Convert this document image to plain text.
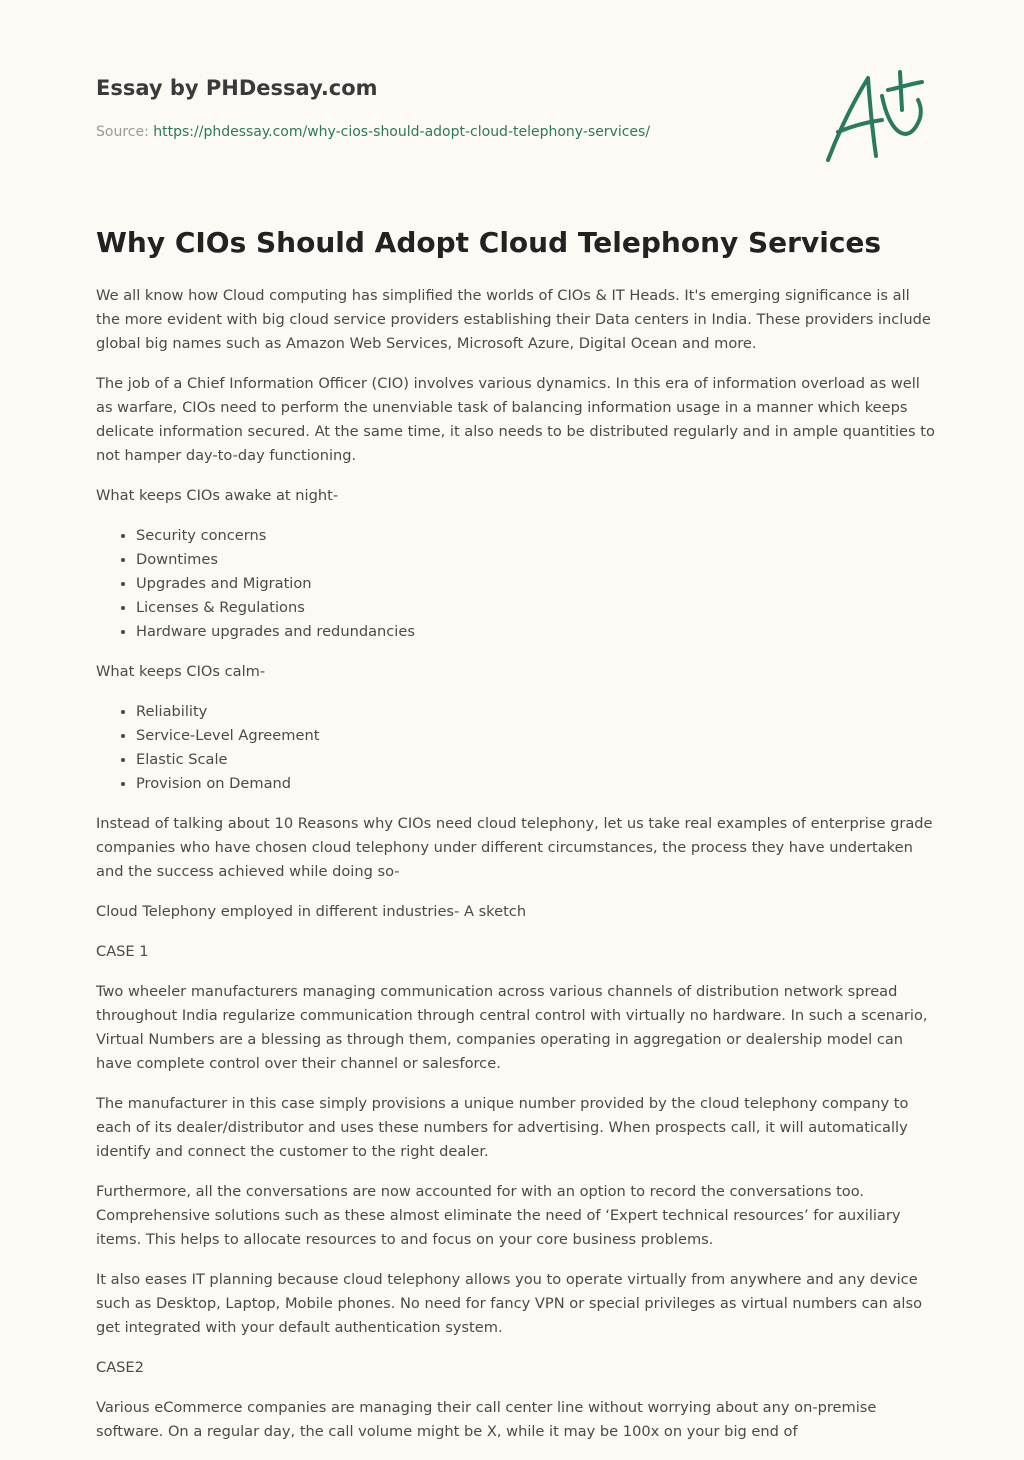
Essay by PHDessay.com
Source: https://phdessay.com/why-cios-should-adopt-cloud-telephony-services/
Why CIOs Should Adopt Cloud Telephony Services

We all know how Cloud computing has simplified the worlds of CIOs & IT Heads. It's emerging significance is all the more evident with big cloud service providers establishing their Data centers in India. These providers include global big names such as Amazon Web Services, Microsoft Azure, Digital Ocean and more.

The job of a Chief Information Officer (CIO) involves various dynamics. In this era of information overload as well as warfare, CIOs need to perform the unenviable task of balancing information usage in a manner which keeps delicate information secured. At the same time, it also needs to be distributed regularly and in ample quantities to not hamper day-to-day functioning.

What keeps CIOs awake at night-

• Security concerns
• Downtimes
• Upgrades and Migration
• Licenses & Regulations
• Hardware upgrades and redundancies

What keeps CIOs calm-

• Reliability
• Service-Level Agreement
• Elastic Scale
• Provision on Demand

Instead of talking about 10 Reasons why CIOs need cloud telephony, let us take real examples of enterprise grade companies who have chosen cloud telephony under different circumstances, the process they have undertaken and the success achieved while doing so-

Cloud Telephony employed in different industries- A sketch

CASE 1

Two wheeler manufacturers managing communication across various channels of distribution network spread throughout India regularize communication through central control with virtually no hardware. In such a scenario, Virtual Numbers are a blessing as through them, companies operating in aggregation or dealership model can have complete control over their channel or salesforce.

The manufacturer in this case simply provisions a unique number provided by the cloud telephony company to each of its dealer/distributor and uses these numbers for advertising. When prospects call, it will automatically identify and connect the customer to the right dealer.

Furthermore, all the conversations are now accounted for with an option to record the conversations too. Comprehensive solutions such as these almost eliminate the need of ‘Expert technical resources’ for auxiliary items. This helps to allocate resources to and focus on your core business problems.

It also eases IT planning because cloud telephony allows you to operate virtually from anywhere and any device such as Desktop, Laptop, Mobile phones. No need for fancy VPN or special privileges as virtual numbers can also get integrated with your default authentication system.

CASE2

Various eCommerce companies are managing their call center line without worrying about any on-premise software. On a regular day, the call volume might be X, while it may be 100x on your big end of
